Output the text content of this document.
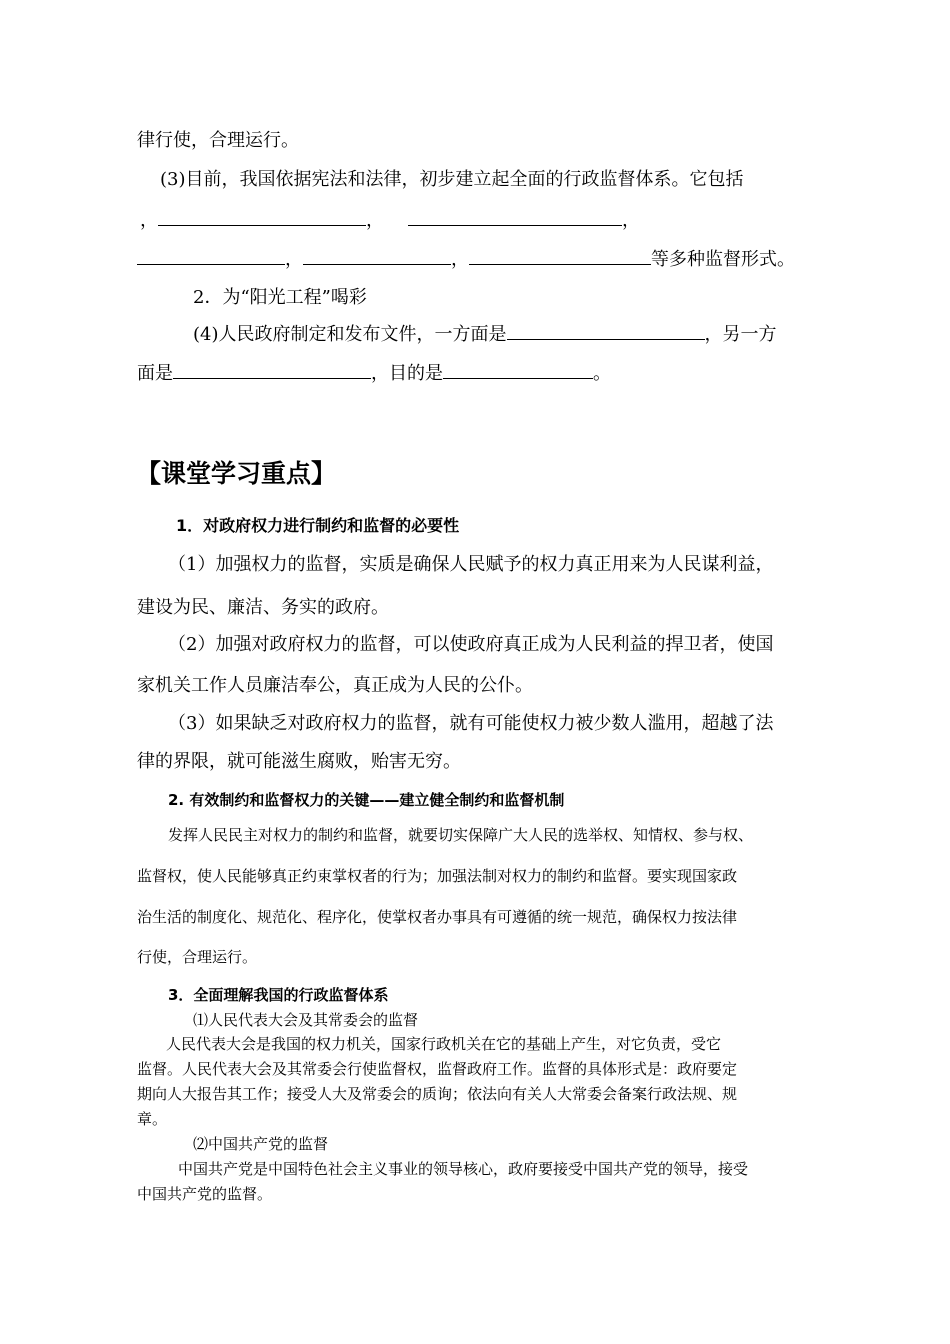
律行使，合理运行。
(3)目前，我国依据宪法和法律，初步建立起全面的行政监督体系。它包括
，	，	，
，	，	等多种监督形式。
2．为“阳光工程”喝彩
(4)人民政府制定和发布文件，一方面是	，另一方
面是	，目的是	。
【课堂学习重点】
1．对政府权力进行制约和监督的必要性
（1）加强权力的监督，实质是确保人民赋予的权力真正用来为人民谋利益，
建设为民、廉洁、务实的政府。
（2）加强对政府权力的监督，可以使政府真正成为人民利益的捍卫者，使国
家机关工作人员廉洁奉公，真正成为人民的公仆。
（3）如果缺乏对政府权力的监督，就有可能使权力被少数人滥用，超越了法
律的界限，就可能滋生腐败，贻害无穷。
2. 有效制约和监督权力的关键——建立健全制约和监督机制
发挥人民民主对权力的制约和监督，就要切实保障广大人民的选举权、知情权、参与权、
监督权，使人民能够真正约束掌权者的行为；加强法制对权力的制约和监督。要实现国家政
治生活的制度化、规范化、程序化，使掌权者办事具有可遵循的统一规范，确保权力按法律
行使，合理运行。
3．全面理解我国的行政监督体系
⑴人民代表大会及其常委会的监督
人民代表大会是我国的权力机关，国家行政机关在它的基础上产生，对它负责，受它
监督。人民代表大会及其常委会行使监督权，监督政府工作。监督的具体形式是：政府要定
期向人大报告其工作；接受人大及常委会的质询；依法向有关人大常委会备案行政法规、规
章。
⑵中国共产党的监督
中国共产党是中国特色社会主义事业的领导核心，政府要接受中国共产党的领导，接受
中国共产党的监督。
